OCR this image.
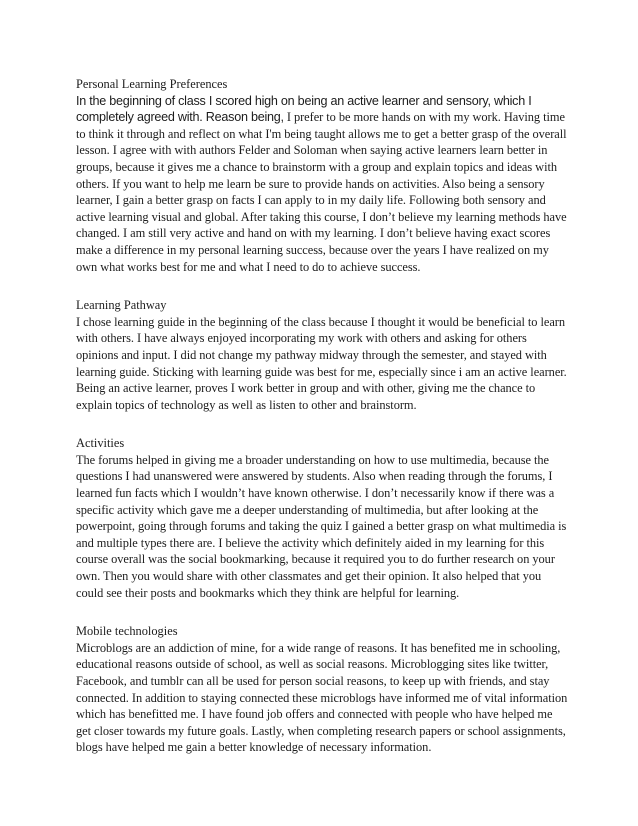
Personal Learning Preferences

In the beginning of class I scored high on being an active learner and sensory, which I completely agreed with. Reason being, I prefer to be more hands on with my work. Having time to think it through and reflect on what I'm being taught allows me to get a better grasp of the overall lesson. I agree with with authors Felder and Soloman when saying active learners learn better in groups, because it gives me a chance to brainstorm with a group and explain topics and ideas with others. If you want to help me learn be sure to provide hands on activities. Also being a sensory learner, I gain a better grasp on facts I can apply to in my daily life. Following both sensory and active learning visual and global. After taking this course, I don’t believe my learning methods have changed. I am still very active and hand on with my learning. I don’t believe having exact scores make a difference in my personal learning success, because over the years I have realized on my own what works best for me and what I need to do to achieve success.

Learning Pathway

I chose learning guide in the beginning of the class because I thought it would be beneficial to learn with others. I have always enjoyed incorporating my work with others and asking for others opinions and input. I did not change my pathway midway through the semester, and stayed with learning guide. Sticking with learning guide was best for me, especially since i am an active learner. Being an active learner, proves I work better in group and with other, giving me the chance to explain topics of technology as well as listen to other and brainstorm.

Activities

The forums helped in giving me a broader understanding on how to use multimedia, because the questions I had unanswered were answered by students. Also when reading through the forums, I learned fun facts which I wouldn’t have known otherwise. I don’t necessarily know if there was a specific activity which gave me a deeper understanding of multimedia, but after looking at the powerpoint, going through forums and taking the quiz I gained a better grasp on what multimedia is and multiple types there are. I believe the activity which definitely aided in my learning for this course overall was the social bookmarking, because it required you to do further research on your own. Then you would share with other classmates and get their opinion. It also helped that you could see their posts and bookmarks which they think are helpful for learning.

Mobile technologies

Microblogs are an addiction of mine, for a wide range of reasons. It has benefited me in schooling, educational reasons outside of school, as well as social reasons. Microblogging sites like twitter, Facebook, and tumblr can all be used for person social reasons, to keep up with friends, and stay connected. In addition to staying connected these microblogs have informed me of vital information which has benefitted me. I have found job offers and connected with people who have helped me get closer towards my future goals. Lastly, when completing research papers or school assignments, blogs have helped me gain a better knowledge of necessary information.
